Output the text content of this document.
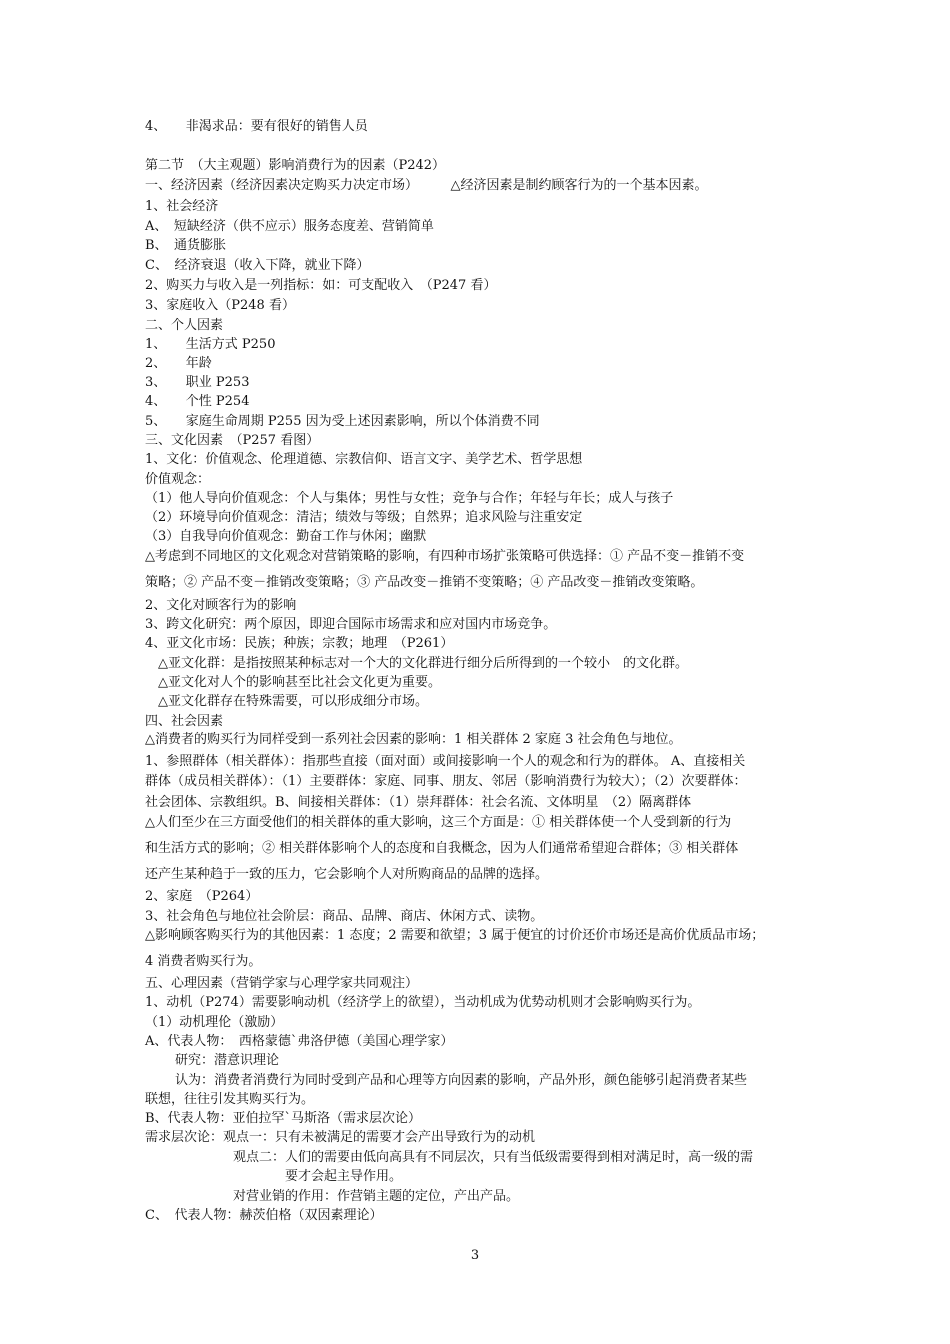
4、　　非渴求品：要有很好的销售人员
第二节　（大主观题）影响消费行为的因素（P242）
一、经济因素（经济因素决定购买力决定市场）　　　△经济因素是制约顾客行为的一个基本因素。
1、社会经济
A、　短缺经济（供不应示）服务态度差、营销简单
B、　通货膨胀
C、　经济衰退（收入下降，就业下降）
2、购买力与收入是一列指标：如：可支配收入　（P247 看）
3、家庭收入（P248 看）
二、个人因素
1、　　生活方式 P250
2、　　年龄
3、　　职业 P253
4、　　个性 P254
5、　　家庭生命周期 P255 因为受上述因素影响，所以个体消费不同
三、文化因素　（P257 看图）
1、文化：价值观念、伦理道德、宗教信仰、语言文字、美学艺术、哲学思想
价值观念：
（1）他人导向价值观念：个人与集体；男性与女性；竞争与合作；年轻与年长；成人与孩子
（2）环境导向价值观念：清洁；绩效与等级；自然界；追求风险与注重安定
（3）自我导向价值观念：勤奋工作与休闲；幽默
△考虑到不同地区的文化观念对营销策略的影响，有四种市场扩张策略可供选择：① 产品不变－推销不变
策略；② 产品不变－推销改变策略；③ 产品改变－推销不变策略；④ 产品改变－推销改变策略。
2、文化对顾客行为的影响
3、跨文化研究：两个原因，即迎合国际市场需求和应对国内市场竞争。
4、亚文化市场：民族；种族；宗教；地理　（P261）
　△亚文化群：是指按照某种标志对一个大的文化群进行细分后所得到的一个较小　的文化群。
　△亚文化对人个的影响甚至比社会文化更为重要。
　△亚文化群存在特殊需要，可以形成细分市场。
四、社会因素
△消费者的购买行为同样受到一系列社会因素的影响：1 相关群体 2 家庭 3 社会角色与地位。
1、参照群体（相关群体）：指那些直接（面对面）或间接影响一个人的观念和行为的群体。 A、直接相关
群体（成员相关群体）：（1）主要群体：家庭、同事、朋友、邻居（影响消费行为较大）；（2）次要群体：
社会团体、宗教组织。B、间接相关群体：（1）崇拜群体：社会名流、文体明星　（2）隔离群体
△人们至少在三方面受他们的相关群体的重大影响，这三个方面是：① 相关群体使一个人受到新的行为
和生活方式的影响；② 相关群体影响个人的态度和自我概念，因为人们通常希望迎合群体；③ 相关群体
还产生某种趋于一致的压力，它会影响个人对所购商品的品牌的选择。
2、家庭　（P264）
3、社会角色与地位社会阶层：商品、品牌、商店、休闲方式、读物。
△影响顾客购买行为的其他因素：1 态度；2 需要和欲望；3 属于便宜的讨价还价市场还是高价优质品市场；
4 消费者购买行为。
五、心理因素（营销学家与心理学家共同观注）
1、动机（P274）需要影响动机（经济学上的欲望），当动机成为优势动机则才会影响购买行为。
（1）动机理伦（激励）
A、代表人物：　西格蒙德`弗洛伊德（美国心理学家）
研究：潜意识理论
认为：消费者消费行为同时受到产品和心理等方向因素的影响，产品外形，颜色能够引起消费者某些
联想，往往引发其购买行为。
B、代表人物：亚伯拉罕`马斯洛（需求层次论）
需求层次论：观点一：只有未被满足的需要才会产出导致行为的动机
观点二：人们的需要由低向高具有不同层次，只有当低级需要得到相对满足时，高一级的需
要才会起主导作用。
对营业销的作用：作营销主题的定位，产出产品。
C、　代表人物：赫茨伯格（双因素理论）
3
